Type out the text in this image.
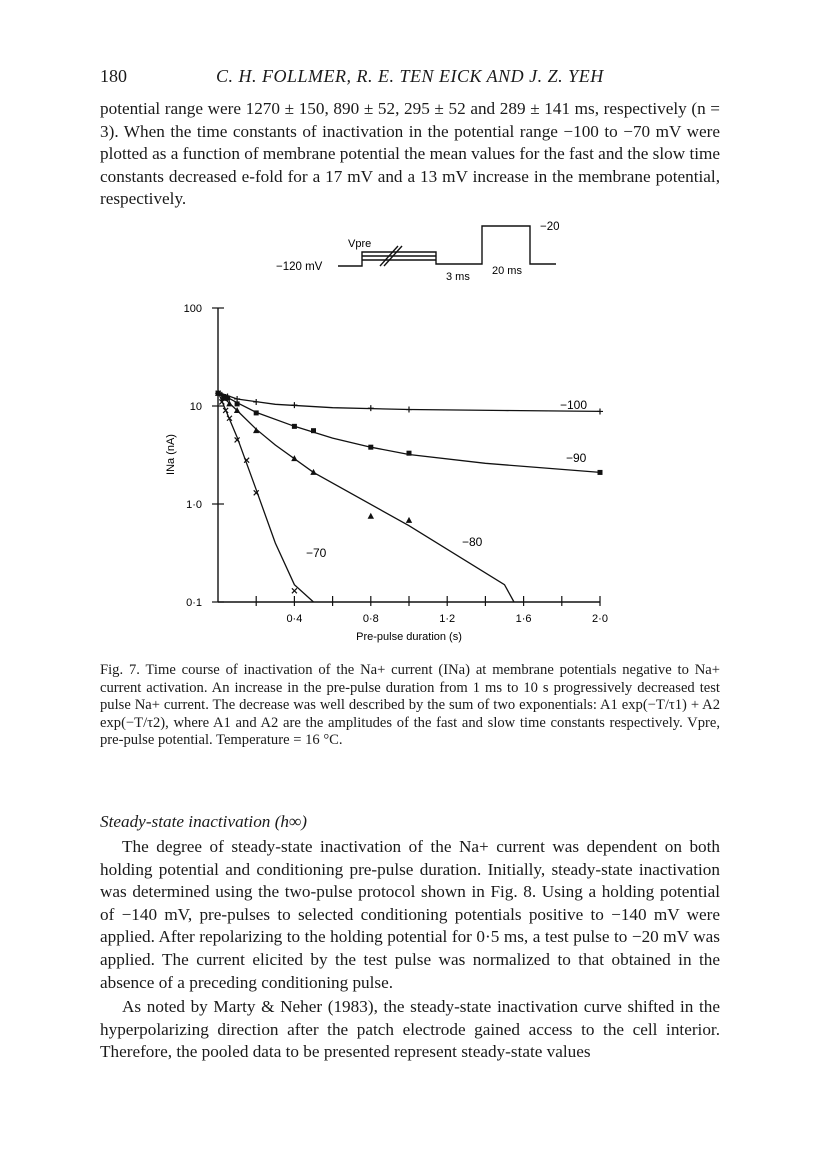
180	C. H. FOLLMER, R. E. TEN EICK AND J. Z. YEH

potential range were 1270 ± 150, 890 ± 52, 295 ± 52 and 289 ± 141 ms, respectively (n = 3). When the time constants of inactivation in the potential range −100 to −70 mV were plotted as a function of membrane potential the mean values for the fast and the slow time constants decreased e-fold for a 17 mV and a 13 mV increase in the membrane potential, respectively.

−120 mV
Vpre
3 ms 20 ms
−20
0·4	0·8	1·2	1·6	2·0
0·1
1·0
10
100
Pre-pulse duration (s)
INa (nA)
−100
−90
−80
−70
Fig. 7. Time course of inactivation of the Na+ current (INa) at membrane potentials negative to Na+ current activation. An increase in the pre-pulse duration from 1 ms to 10 s progressively decreased test pulse Na+ current. The decrease was well described by the sum of two exponentials: A1 exp(−T/τ1) + A2 exp(−T/τ2), where A1 and A2 are the amplitudes of the fast and slow time constants respectively. Vpre, pre-pulse potential. Temperature = 16 °C.
Steady-state inactivation (h∞)

The degree of steady-state inactivation of the Na+ current was dependent on both holding potential and conditioning pre-pulse duration. Initially, steady-state inactivation was determined using the two-pulse protocol shown in Fig. 8. Using a holding potential of −140 mV, pre-pulses to selected conditioning potentials positive to −140 mV were applied. After repolarizing to the holding potential for 0·5 ms, a test pulse to −20 mV was applied. The current elicited by the test pulse was normalized to that obtained in the absence of a preceding conditioning pulse.

As noted by Marty & Neher (1983), the steady-state inactivation curve shifted in the hyperpolarizing direction after the patch electrode gained access to the cell interior. Therefore, the pooled data to be presented represent steady-state values
